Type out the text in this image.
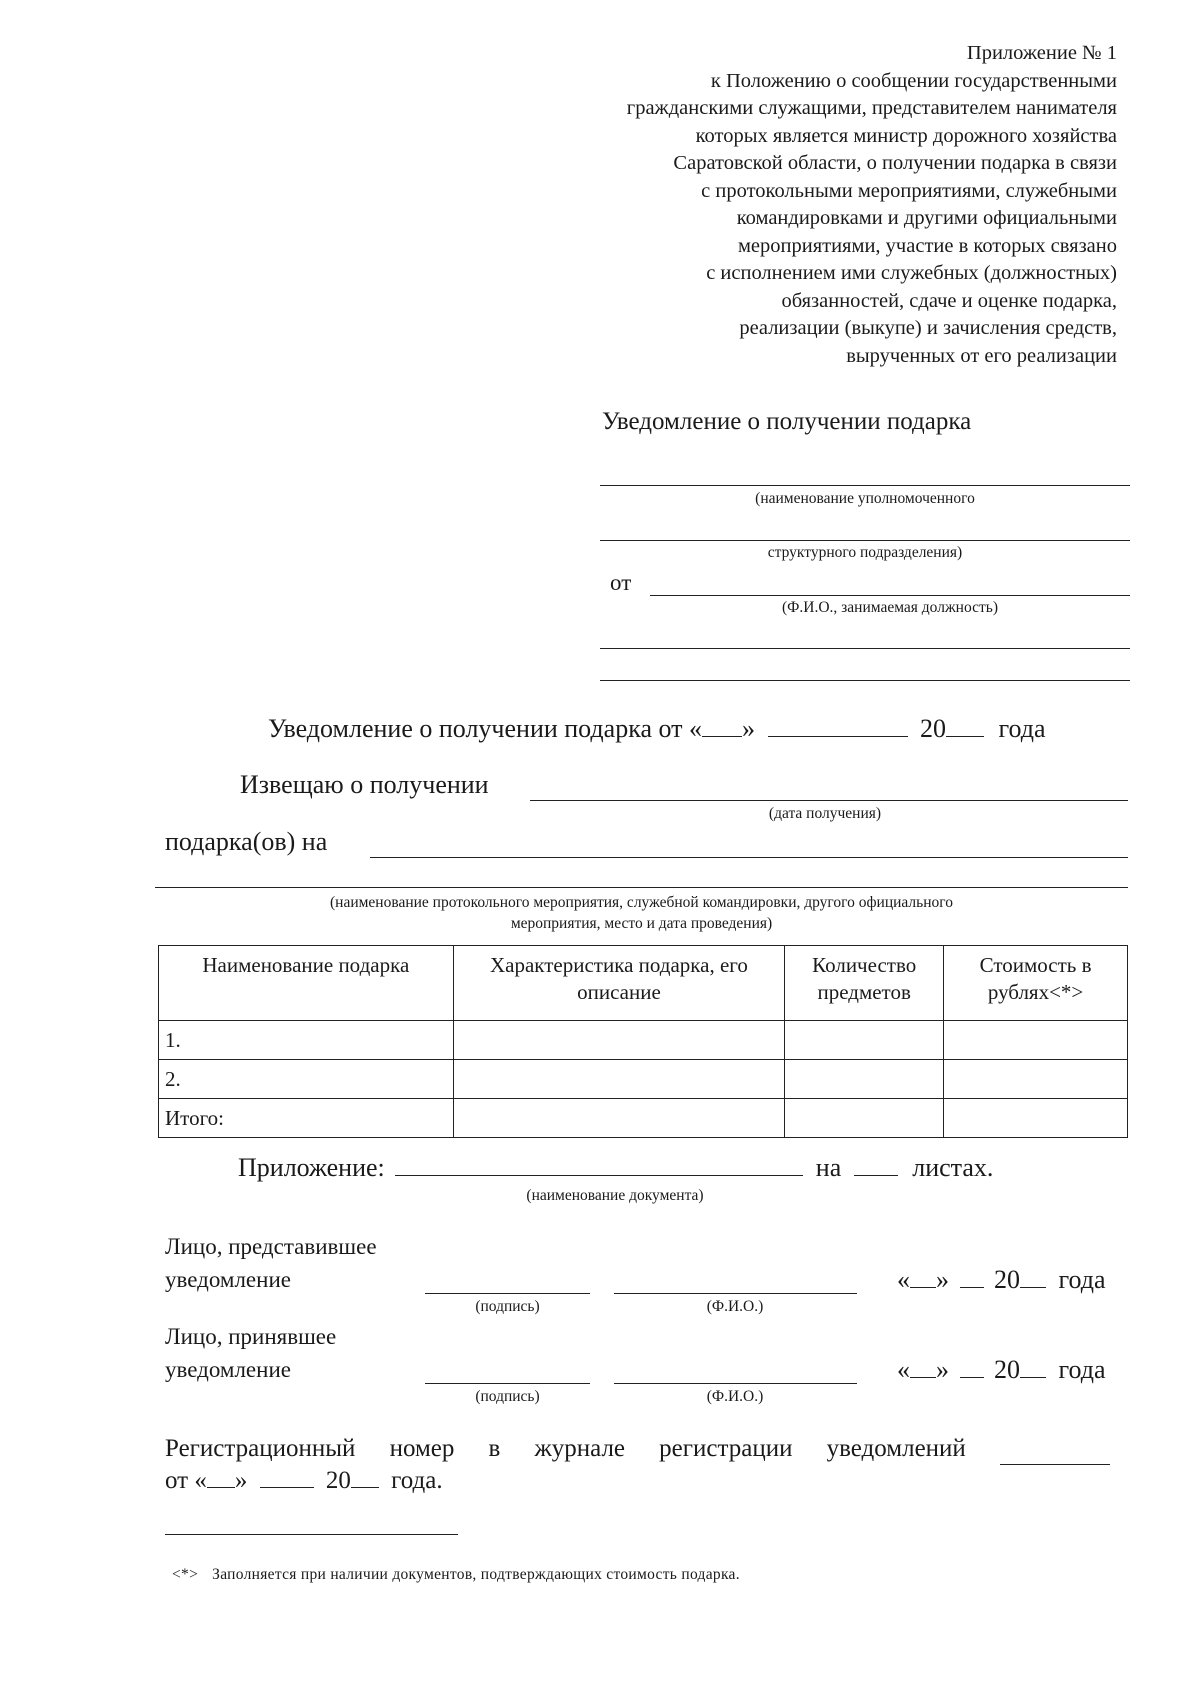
Приложение № 1
к Положению о сообщении государственными
гражданскими служащими, представителем нанимателя
которых является министр дорожного хозяйства
Саратовской области, о получении подарка в связи
с протокольными мероприятиями, служебными
командировками и другими официальными
мероприятиями, участие в которых связано
с исполнением ими служебных (должностных)
обязанностей, сдаче и оценке подарка,
реализации (выкупе) и зачисления средств,
вырученных от его реализации
Уведомление о получении подарка
(наименование уполномоченного
структурного подразделения)
от
(Ф.И.О., занимаемая должность)
Уведомление о получении подарка от « »	20 года
Извещаю о получении
(дата получения)
подарка(ов) на
(наименование протокольного мероприятия, служебной командировки, другого официального
мероприятия, место и дата проведения)
Наименование подарка	Характеристика подарка, его описание	Количество предметов	Стоимость в рублях<*>
1.			
2.			
Итого:			
Приложение:	на	листах.
(наименование документа)
Лицо, представившее
уведомление
(подпись)	(Ф.И.О.)
« » 20 года
Лицо, принявшее
уведомление
(подпись)	(Ф.И.О.)
« » 20 года
Регистрационный номер в журнале регистрации уведомлений
от « »	20 года.
<*> Заполняется при наличии документов, подтверждающих стоимость подарка.
